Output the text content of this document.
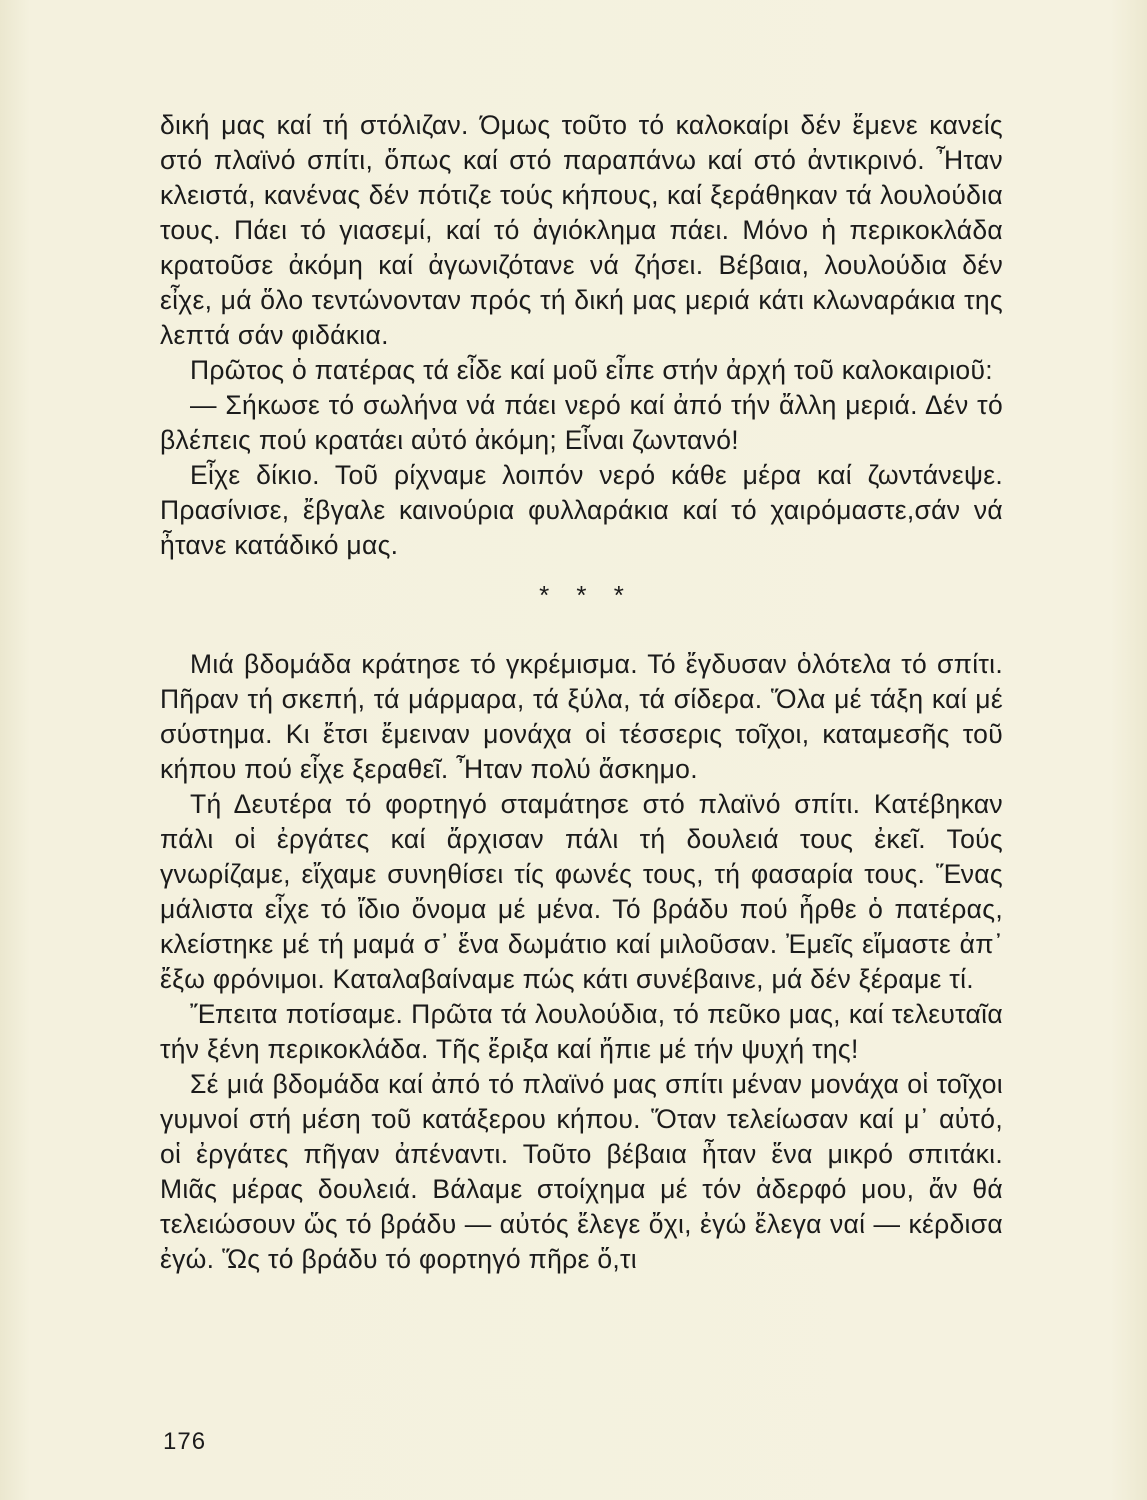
δική μας καί τή στόλιζαν. Όμως τοῦτο τό καλοκαίρι δέν ἔμενε κανείς στό πλαϊνό σπίτι, ὅπως καί στό παραπάνω καί στό ἀντικρινό. Ἦταν κλειστά, κανένας δέν πότιζε τούς κήπους, καί ξεράθηκαν τά λουλούδια τους. Πάει τό γιασεμί, καί τό ἀγιόκλημα πάει. Μόνο ἡ περικοκλάδα κρατοῦσε ἀκόμη καί ἀγωνιζότανε νά ζήσει. Βέβαια, λουλούδια δέν εἶχε, μά ὅλο τεντώνονταν πρός τή δική μας μεριά κάτι κλωναράκια της λεπτά σάν φιδάκια.

Πρῶτος ὁ πατέρας τά εἶδε καί μοῦ εἶπε στήν ἀρχή τοῦ καλοκαιριοῦ:

— Σήκωσε τό σωλήνα νά πάει νερό καί ἀπό τήν ἄλλη μεριά. Δέν τό βλέπεις πού κρατάει αὐτό ἀκόμη; Εἶναι ζωντανό!

Εἶχε δίκιο. Τοῦ ρίχναμε λοιπόν νερό κάθε μέρα καί ζωντάνεψε. Πρασίνισε, ἔβγαλε καινούρια φυλλαράκια καί τό χαιρόμαστε,σάν νά ἦτανε κατάδικό μας.

* * *

Μιά βδομάδα κράτησε τό γκρέμισμα. Τό ἔγδυσαν ὁλότελα τό σπίτι. Πῆραν τή σκεπή, τά μάρμαρα, τά ξύλα, τά σίδερα. Ὅλα μέ τάξη καί μέ σύστημα. Κι ἔτσι ἔμειναν μονάχα οἱ τέσσερις τοῖχοι, καταμεσῆς τοῦ κήπου πού εἶχε ξεραθεῖ. Ἦταν πολύ ἄσκημο.

Τή Δευτέρα τό φορτηγό σταμάτησε στό πλαϊνό σπίτι. Κατέβηκαν πάλι οἱ ἐργάτες καί ἄρχισαν πάλι τή δουλειά τους ἐκεῖ. Τούς γνωρίζαμε, εἴχαμε συνηθίσει τίς φωνές τους, τή φασαρία τους. Ἕνας μάλιστα εἶχε τό ἴδιο ὄνομα μέ μένα. Τό βράδυ πού ἦρθε ὁ πατέρας, κλείστηκε μέ τή μαμά σ᾽ ἕνα δωμάτιο καί μιλοῦσαν. Ἐμεῖς εἴμαστε ἀπ᾽ ἔξω φρόνιμοι. Καταλαβαίναμε πώς κάτι συνέβαινε, μά δέν ξέραμε τί.

Ἔπειτα ποτίσαμε. Πρῶτα τά λουλούδια, τό πεῦκο μας, καί τελευταῖα τήν ξένη περικοκλάδα. Τῆς ἔριξα καί ἤπιε μέ τήν ψυχή της!

Σέ μιά βδομάδα καί ἀπό τό πλαϊνό μας σπίτι μέναν μονάχα οἱ τοῖχοι γυμνοί στή μέση τοῦ κατάξερου κήπου. Ὅταν τελείωσαν καί μ᾽ αὐτό, οἱ ἐργάτες πῆγαν ἀπέναντι. Τοῦτο βέβαια ἦταν ἕνα μικρό σπιτάκι. Μιᾶς μέρας δουλειά. Βάλαμε στοίχημα μέ τόν ἀδερφό μου, ἄν θά τελειώσουν ὥς τό βράδυ — αὐτός ἔλεγε ὄχι, ἐγώ ἔλεγα ναί — κέρδισα ἐγώ. Ὥς τό βράδυ τό φορτηγό πῆρε ὅ,τι

176
